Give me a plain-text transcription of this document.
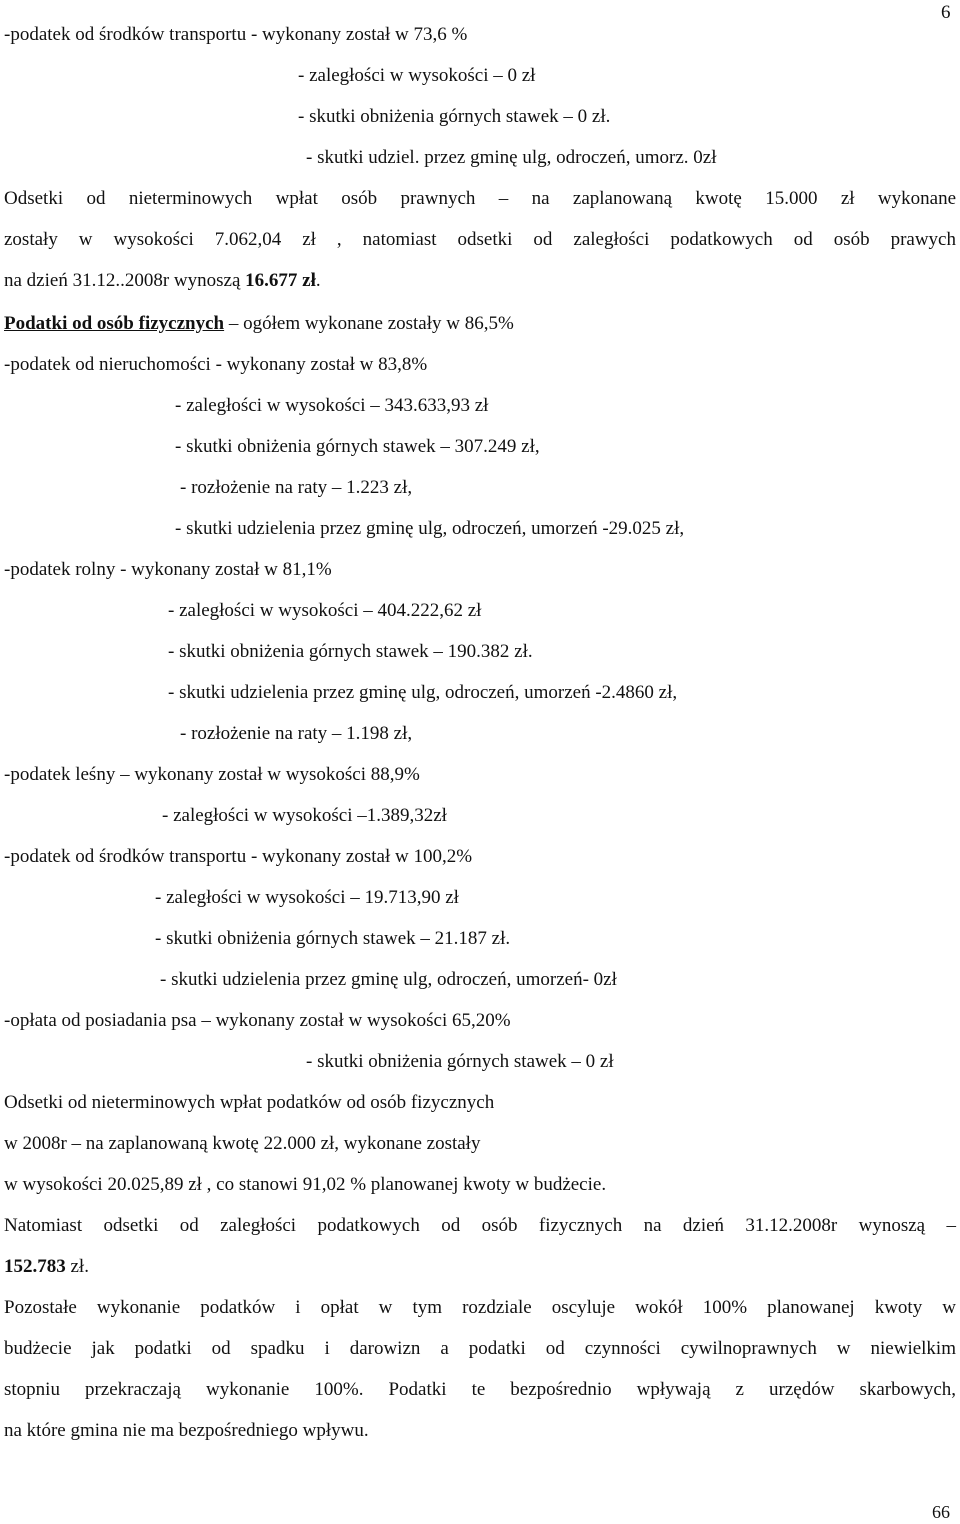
6
-podatek od środków transportu - wykonany został w 73,6 %
- zaległości w wysokości – 0 zł
- skutki obniżenia górnych stawek – 0 zł.
- skutki udziel. przez gminę ulg, odroczeń, umorz. 0zł
Odsetki od nieterminowych wpłat osób prawnych – na zaplanowaną kwotę 15.000 zł wykonane
zostały w wysokości 7.062,04 zł , natomiast odsetki od zaległości podatkowych od osób prawych
na dzień 31.12..2008r wynoszą 16.677 zł.
Podatki od osób fizycznych – ogółem wykonane zostały w 86,5%
-podatek od nieruchomości - wykonany został w 83,8%
- zaległości w wysokości – 343.633,93 zł
- skutki obniżenia górnych stawek – 307.249 zł,
- rozłożenie na raty – 1.223 zł,
- skutki udzielenia przez gminę ulg, odroczeń, umorzeń -29.025 zł,
-podatek rolny - wykonany został w 81,1%
- zaległości w wysokości – 404.222,62 zł
- skutki obniżenia górnych stawek – 190.382 zł.
- skutki udzielenia przez gminę ulg, odroczeń, umorzeń -2.4860 zł,
- rozłożenie na raty – 1.198 zł,
-podatek leśny – wykonany został w wysokości 88,9%
- zaległości w wysokości –1.389,32zł
-podatek od środków transportu - wykonany został w 100,2%
- zaległości w wysokości – 19.713,90 zł
- skutki obniżenia górnych stawek – 21.187 zł.
- skutki udzielenia przez gminę ulg, odroczeń, umorzeń- 0zł
-opłata od posiadania psa – wykonany został w wysokości 65,20%
- skutki obniżenia górnych stawek – 0 zł
Odsetki od nieterminowych wpłat podatków od osób fizycznych
w 2008r – na zaplanowaną kwotę 22.000 zł, wykonane zostały
w wysokości 20.025,89 zł , co stanowi 91,02 % planowanej kwoty w budżecie.
Natomiast odsetki od zaległości podatkowych od osób fizycznych na dzień 31.12.2008r wynoszą –
152.783 zł.
Pozostałe wykonanie podatków i opłat w tym rozdziale oscyluje wokół 100% planowanej kwoty w
budżecie jak podatki od spadku i darowizn a podatki od czynności cywilnoprawnych w niewielkim
stopniu przekraczają wykonanie 100%. Podatki te bezpośrednio wpływają z urzędów skarbowych,
na które gmina nie ma bezpośredniego wpływu.
66
